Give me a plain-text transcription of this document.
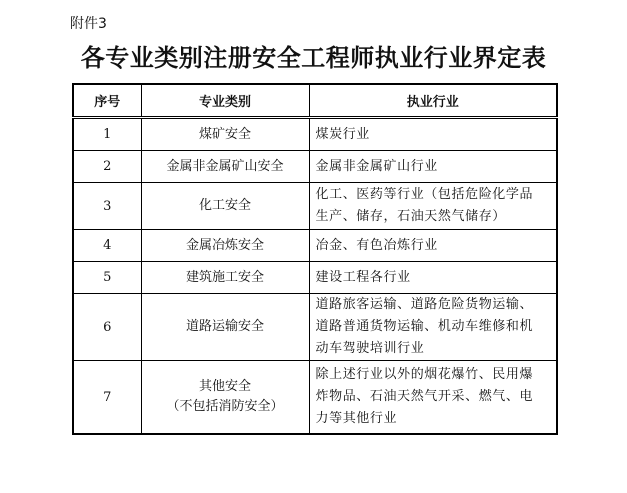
附件3
各专业类别注册安全工程师执业行业界定表
序号	专业类别	执业行业
1	煤矿安全	煤炭行业

2	金属非金属矿山安全	金属非金属矿山行业

3	化工安全	化工、医药等行业（包括危险化学品
生产、储存，石油天然气储存）

4	金属冶炼安全	冶金、有色冶炼行业

5	建筑施工安全	建设工程各行业

6	道路运输安全	道路旅客运输、道路危险货物运输、
道路普通货物运输、机动车维修和机
动车驾驶培训行业

7	其他安全
（不包括消防安全）	除上述行业以外的烟花爆竹、民用爆
炸物品、石油天然气开采、燃气、电
力等其他行业
